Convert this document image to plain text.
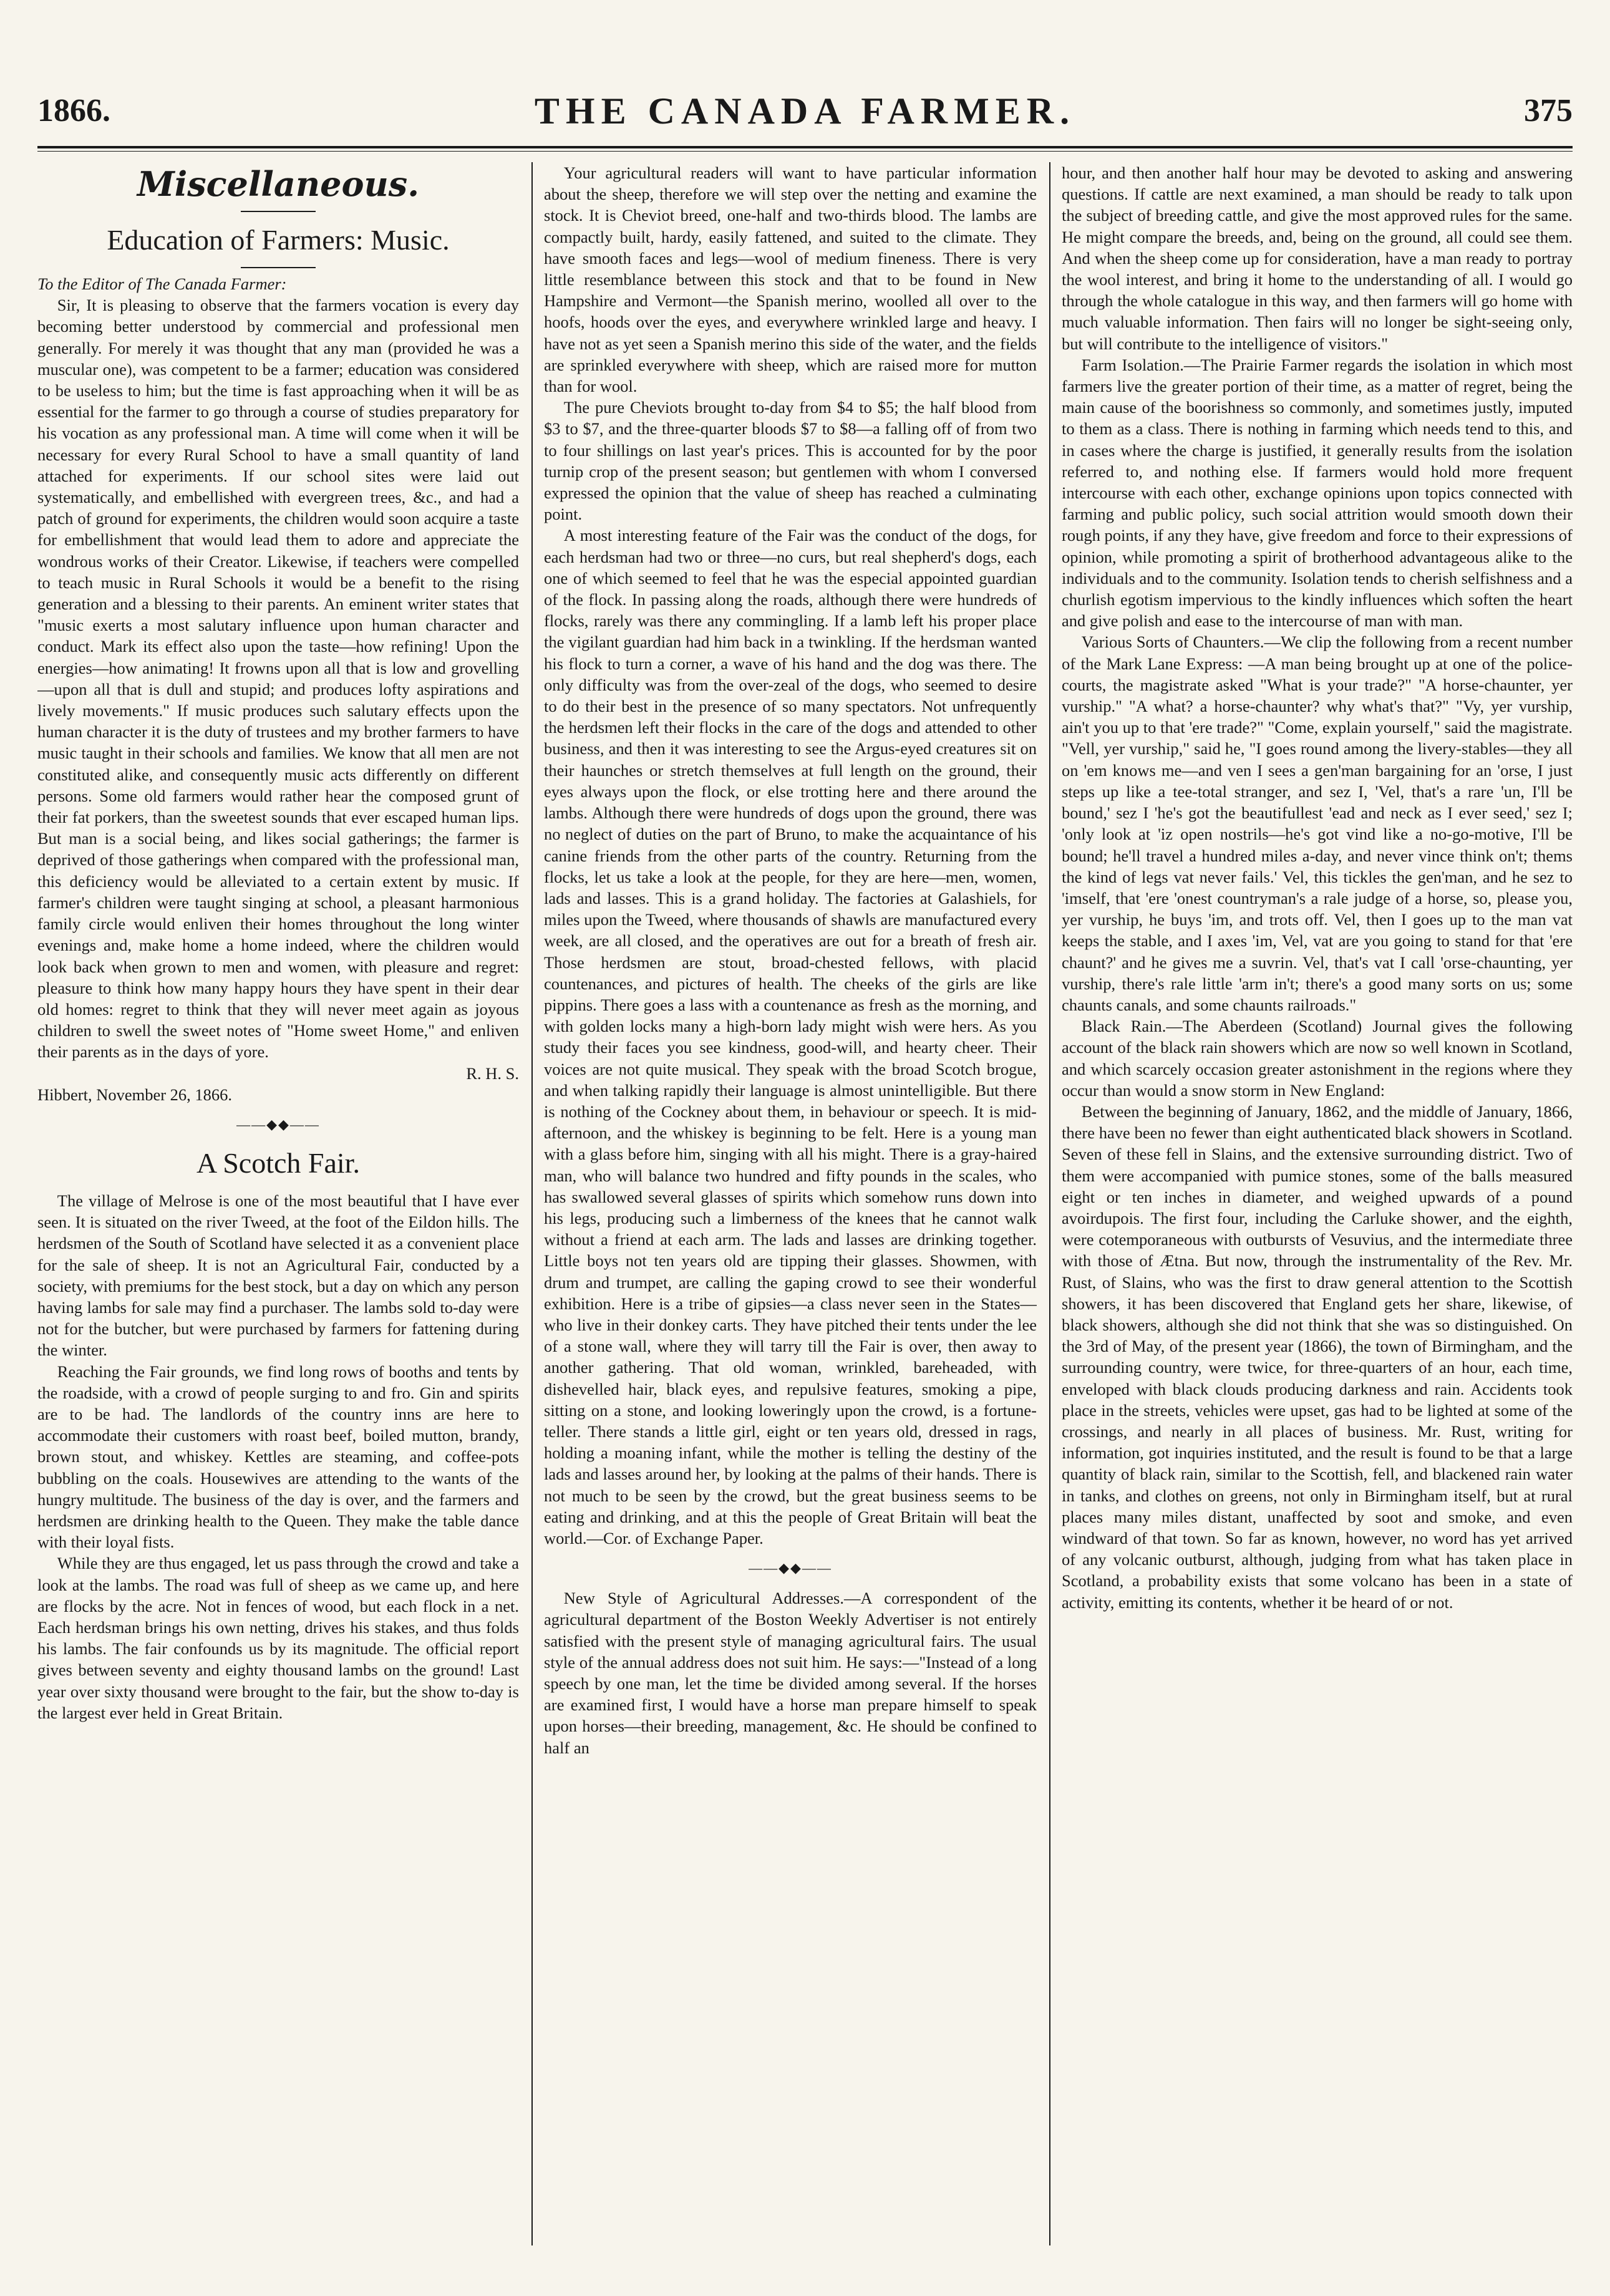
1866.	THE CANADA FARMER.	375
Miscellaneous.
Education of Farmers: Music.

To the Editor of The Canada Farmer:

Sir, It is pleasing to observe that the farmers vocation is every day becoming better understood by commercial and professional men generally. For merely it was thought that any man (provided he was a muscular one), was competent to be a farmer; education was considered to be useless to him; but the time is fast approaching when it will be as essential for the farmer to go through a course of studies preparatory for his vocation as any professional man. A time will come when it will be necessary for every Rural School to have a small quantity of land attached for experiments. If our school sites were laid out systematically, and embellished with evergreen trees, &c., and had a patch of ground for experiments, the children would soon acquire a taste for embellishment that would lead them to adore and appreciate the wondrous works of their Creator. Likewise, if teachers were compelled to teach music in Rural Schools it would be a benefit to the rising generation and a blessing to their parents. An eminent writer states that "music exerts a most salutary influence upon human character and conduct. Mark its effect also upon the taste—how refining! Upon the energies—how animating! It frowns upon all that is low and grovelling—upon all that is dull and stupid; and produces lofty aspirations and lively movements." If music produces such salutary effects upon the human character it is the duty of trustees and my brother farmers to have music taught in their schools and families. We know that all men are not constituted alike, and consequently music acts differently on different persons. Some old farmers would rather hear the composed grunt of their fat porkers, than the sweetest sounds that ever escaped human lips. But man is a social being, and likes social gatherings; the farmer is deprived of those gatherings when compared with the professional man, this deficiency would be alleviated to a certain extent by music. If farmer's children were taught singing at school, a pleasant harmonious family circle would enliven their homes throughout the long winter evenings and, make home a home indeed, where the children would look back when grown to men and women, with pleasure and regret: pleasure to think how many happy hours they have spent in their dear old homes: regret to think that they will never meet again as joyous children to swell the sweet notes of "Home sweet Home," and enliven their parents as in the days of yore.

R. H. S.

Hibbert, November 26, 1866.

——◆◆——
A Scotch Fair.

The village of Melrose is one of the most beautiful that I have ever seen. It is situated on the river Tweed, at the foot of the Eildon hills. The herdsmen of the South of Scotland have selected it as a convenient place for the sale of sheep. It is not an Agricultural Fair, conducted by a society, with premiums for the best stock, but a day on which any person having lambs for sale may find a purchaser. The lambs sold to-day were not for the butcher, but were purchased by farmers for fattening during the winter.

Reaching the Fair grounds, we find long rows of booths and tents by the roadside, with a crowd of people surging to and fro. Gin and spirits are to be had. The landlords of the country inns are here to accommodate their customers with roast beef, boiled mutton, brandy, brown stout, and whiskey. Kettles are steaming, and coffee-pots bubbling on the coals. Housewives are attending to the wants of the hungry multitude. The business of the day is over, and the farmers and herdsmen are drinking health to the Queen. They make the table dance with their loyal fists.

While they are thus engaged, let us pass through the crowd and take a look at the lambs. The road was full of sheep as we came up, and here are flocks by the acre. Not in fences of wood, but each flock in a net. Each herdsman brings his own netting, drives his stakes, and thus folds his lambs. The fair confounds us by its magnitude. The official report gives between seventy and eighty thousand lambs on the ground! Last year over sixty thousand were brought to the fair, but the show to-day is the largest ever held in Great Britain.

Your agricultural readers will want to have particular information about the sheep, therefore we will step over the netting and examine the stock. It is Cheviot breed, one-half and two-thirds blood. The lambs are compactly built, hardy, easily fattened, and suited to the climate. They have smooth faces and legs—wool of medium fineness. There is very little resemblance between this stock and that to be found in New Hampshire and Vermont—the Spanish merino, woolled all over to the hoofs, hoods over the eyes, and everywhere wrinkled large and heavy. I have not as yet seen a Spanish merino this side of the water, and the fields are sprinkled everywhere with sheep, which are raised more for mutton than for wool.

The pure Cheviots brought to-day from $4 to $5; the half blood from $3 to $7, and the three-quarter bloods $7 to $8—a falling off of from two to four shillings on last year's prices. This is accounted for by the poor turnip crop of the present season; but gentlemen with whom I conversed expressed the opinion that the value of sheep has reached a culminating point.

A most interesting feature of the Fair was the conduct of the dogs, for each herdsman had two or three—no curs, but real shepherd's dogs, each one of which seemed to feel that he was the especial appointed guardian of the flock. In passing along the roads, although there were hundreds of flocks, rarely was there any commingling. If a lamb left his proper place the vigilant guardian had him back in a twinkling. If the herdsman wanted his flock to turn a corner, a wave of his hand and the dog was there. The only difficulty was from the over-zeal of the dogs, who seemed to desire to do their best in the presence of so many spectators. Not unfrequently the herdsmen left their flocks in the care of the dogs and attended to other business, and then it was interesting to see the Argus-eyed creatures sit on their haunches or stretch themselves at full length on the ground, their eyes always upon the flock, or else trotting here and there around the lambs. Although there were hundreds of dogs upon the ground, there was no neglect of duties on the part of Bruno, to make the acquaintance of his canine friends from the other parts of the country. Returning from the flocks, let us take a look at the people, for they are here—men, women, lads and lasses. This is a grand holiday. The factories at Galashiels, for miles upon the Tweed, where thousands of shawls are manufactured every week, are all closed, and the operatives are out for a breath of fresh air. Those herdsmen are stout, broad-chested fellows, with placid countenances, and pictures of health. The cheeks of the girls are like pippins. There goes a lass with a countenance as fresh as the morning, and with golden locks many a high-born lady might wish were hers. As you study their faces you see kindness, good-will, and hearty cheer. Their voices are not quite musical. They speak with the broad Scotch brogue, and when talking rapidly their language is almost unintelligible. But there is nothing of the Cockney about them, in behaviour or speech. It is mid-afternoon, and the whiskey is beginning to be felt. Here is a young man with a glass before him, singing with all his might. There is a gray-haired man, who will balance two hundred and fifty pounds in the scales, who has swallowed several glasses of spirits which somehow runs down into his legs, producing such a limberness of the knees that he cannot walk without a friend at each arm. The lads and lasses are drinking together. Little boys not ten years old are tipping their glasses. Showmen, with drum and trumpet, are calling the gaping crowd to see their wonderful exhibition. Here is a tribe of gipsies—a class never seen in the States—who live in their donkey carts. They have pitched their tents under the lee of a stone wall, where they will tarry till the Fair is over, then away to another gathering. That old woman, wrinkled, bareheaded, with dishevelled hair, black eyes, and repulsive features, smoking a pipe, sitting on a stone, and looking loweringly upon the crowd, is a fortune-teller. There stands a little girl, eight or ten years old, dressed in rags, holding a moaning infant, while the mother is telling the destiny of the lads and lasses around her, by looking at the palms of their hands. There is not much to be seen by the crowd, but the great business seems to be eating and drinking, and at this the people of Great Britain will beat the world.—Cor. of Exchange Paper.

——◆◆——

New Style of Agricultural Addresses.—A correspondent of the agricultural department of the Boston Weekly Advertiser is not entirely satisfied with the present style of managing agricultural fairs. The usual style of the annual address does not suit him. He says:—"Instead of a long speech by one man, let the time be divided among several. If the horses are examined first, I would have a horse man prepare himself to speak upon horses—their breeding, management, &c. He should be confined to half an

hour, and then another half hour may be devoted to asking and answering questions. If cattle are next examined, a man should be ready to talk upon the subject of breeding cattle, and give the most approved rules for the same. He might compare the breeds, and, being on the ground, all could see them. And when the sheep come up for consideration, have a man ready to portray the wool interest, and bring it home to the understanding of all. I would go through the whole catalogue in this way, and then farmers will go home with much valuable information. Then fairs will no longer be sight-seeing only, but will contribute to the intelligence of visitors."

Farm Isolation.—The Prairie Farmer regards the isolation in which most farmers live the greater portion of their time, as a matter of regret, being the main cause of the boorishness so commonly, and sometimes justly, imputed to them as a class. There is nothing in farming which needs tend to this, and in cases where the charge is justified, it generally results from the isolation referred to, and nothing else. If farmers would hold more frequent intercourse with each other, exchange opinions upon topics connected with farming and public policy, such social attrition would smooth down their rough points, if any they have, give freedom and force to their expressions of opinion, while promoting a spirit of brotherhood advantageous alike to the individuals and to the community. Isolation tends to cherish selfishness and a churlish egotism impervious to the kindly influences which soften the heart and give polish and ease to the intercourse of man with man.

Various Sorts of Chaunters.—We clip the following from a recent number of the Mark Lane Express: —A man being brought up at one of the police-courts, the magistrate asked "What is your trade?" "A horse-chaunter, yer vurship." "A what? a horse-chaunter? why what's that?" "Vy, yer vurship, ain't you up to that 'ere trade?" "Come, explain yourself," said the magistrate. "Vell, yer vurship," said he, "I goes round among the livery-stables—they all on 'em knows me—and ven I sees a gen'man bargaining for an 'orse, I just steps up like a tee-total stranger, and sez I, 'Vel, that's a rare 'un, I'll be bound,' sez I 'he's got the beautifullest 'ead and neck as I ever seed,' sez I; 'only look at 'iz open nostrils—he's got vind like a no-go-motive, I'll be bound; he'll travel a hundred miles a-day, and never vince think on't; thems the kind of legs vat never fails.' Vel, this tickles the gen'man, and he sez to 'imself, that 'ere 'onest countryman's a rale judge of a horse, so, please you, yer vurship, he buys 'im, and trots off. Vel, then I goes up to the man vat keeps the stable, and I axes 'im, Vel, vat are you going to stand for that 'ere chaunt?' and he gives me a suvrin. Vel, that's vat I call 'orse-chaunting, yer vurship, there's rale little 'arm in't; there's a good many sorts on us; some chaunts canals, and some chaunts railroads."

Black Rain.—The Aberdeen (Scotland) Journal gives the following account of the black rain showers which are now so well known in Scotland, and which scarcely occasion greater astonishment in the regions where they occur than would a snow storm in New England:

Between the beginning of January, 1862, and the middle of January, 1866, there have been no fewer than eight authenticated black showers in Scotland. Seven of these fell in Slains, and the extensive surrounding district. Two of them were accompanied with pumice stones, some of the balls measured eight or ten inches in diameter, and weighed upwards of a pound avoirdupois. The first four, including the Carluke shower, and the eighth, were cotemporaneous with outbursts of Vesuvius, and the intermediate three with those of Ætna. But now, through the instrumentality of the Rev. Mr. Rust, of Slains, who was the first to draw general attention to the Scottish showers, it has been discovered that England gets her share, likewise, of black showers, although she did not think that she was so distinguished. On the 3rd of May, of the present year (1866), the town of Birmingham, and the surrounding country, were twice, for three-quarters of an hour, each time, enveloped with black clouds producing darkness and rain. Accidents took place in the streets, vehicles were upset, gas had to be lighted at some of the crossings, and nearly in all places of business. Mr. Rust, writing for information, got inquiries instituted, and the result is found to be that a large quantity of black rain, similar to the Scottish, fell, and blackened rain water in tanks, and clothes on greens, not only in Birmingham itself, but at rural places many miles distant, unaffected by soot and smoke, and even windward of that town. So far as known, however, no word has yet arrived of any volcanic outburst, although, judging from what has taken place in Scotland, a probability exists that some volcano has been in a state of activity, emitting its contents, whether it be heard of or not.
